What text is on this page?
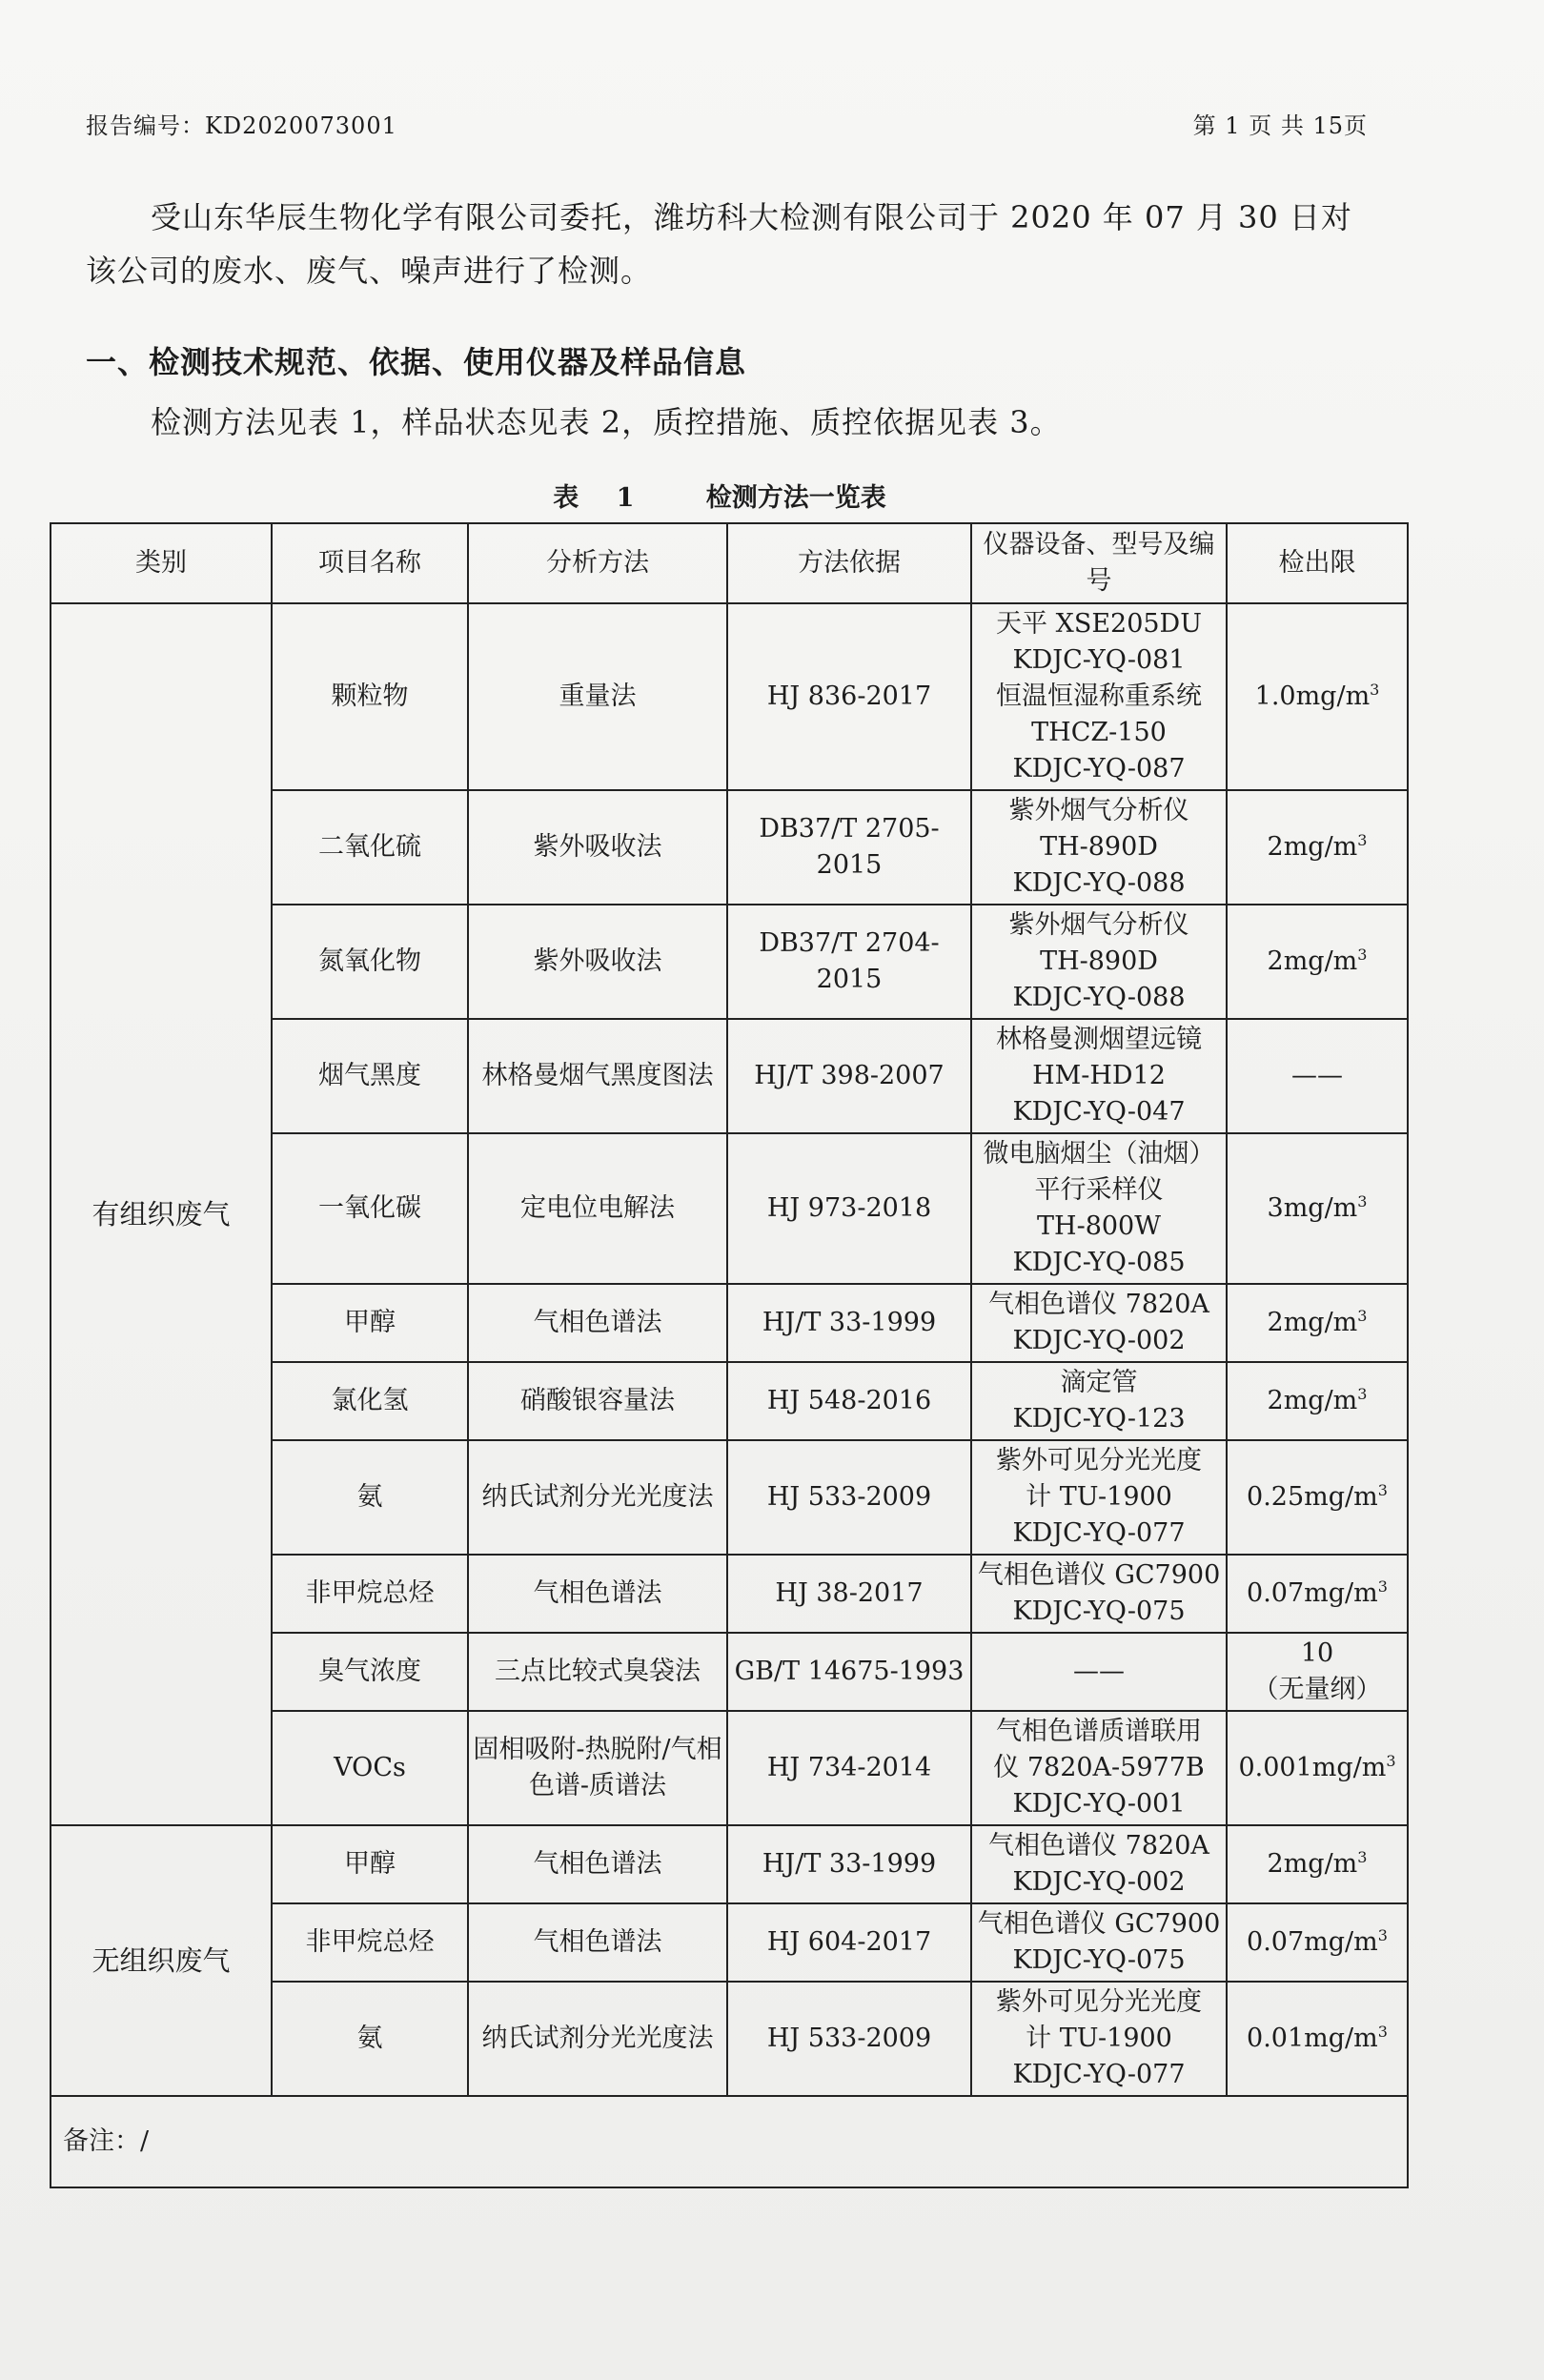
报告编号：KD2020073001	第 1 页 共 15页
受山东华辰生物化学有限公司委托，潍坊科大检测有限公司于 2020 年 07 月 30 日对该公司的废水、废气、噪声进行了检测。
一、检测技术规范、依据、使用仪器及样品信息
检测方法见表 1，样品状态见表 2，质控措施、质控依据见表 3。
表 1	检测方法一览表
类别	项目名称	分析方法	方法依据	仪器设备、型号及编号	检出限
有组织废气	颗粒物	重量法	HJ 836-2017	天平 XSE205DU
KDJC-YQ-081
恒温恒湿称重系统
THCZ-150
KDJC-YQ-087	$1.0mg/m^3$
	二氧化硫	紫外吸收法	DB37/T 2705-2015	紫外烟气分析仪
TH-890D
KDJC-YQ-088	$2mg/m^3$
	氮氧化物	紫外吸收法	DB37/T 2704-2015	紫外烟气分析仪
TH-890D
KDJC-YQ-088	$2mg/m^3$
	烟气黑度	林格曼烟气黑度图法	HJ/T 398-2007	林格曼测烟望远镜
HM-HD12
KDJC-YQ-047	——
	一氧化碳	定电位电解法	HJ 973-2018	微电脑烟尘（油烟）
平行采样仪
TH-800W
KDJC-YQ-085	$3mg/m^3$
	甲醇	气相色谱法	HJ/T 33-1999	气相色谱仪 7820A
KDJC-YQ-002	$2mg/m^3$
	氯化氢	硝酸银容量法	HJ 548-2016	滴定管
KDJC-YQ-123	$2mg/m^3$
	氨	纳氏试剂分光光度法	HJ 533-2009	紫外可见分光光度
计 TU-1900
KDJC-YQ-077	$0.25mg/m^3$
	非甲烷总烃	气相色谱法	HJ 38-2017	气相色谱仪 GC7900
KDJC-YQ-075	$0.07mg/m^3$
	臭气浓度	三点比较式臭袋法	GB/T 14675-1993	——	10
（无量纲）

	VOCs	固相吸附-热脱附/气相色谱-质谱法	HJ 734-2014	气相色谱质谱联用
仪 7820A-5977B
KDJC-YQ-001	$0.001mg/m^3$
无组织废气	甲醇	气相色谱法	HJ/T 33-1999	气相色谱仪 7820A
KDJC-YQ-002	$2mg/m^3$
	非甲烷总烃	气相色谱法	HJ 604-2017	气相色谱仪 GC7900
KDJC-YQ-075	$0.07mg/m^3$
	氨	纳氏试剂分光光度法	HJ 533-2009	紫外可见分光光度
计 TU-1900
KDJC-YQ-077	$0.01mg/m^3$
备注：/					
